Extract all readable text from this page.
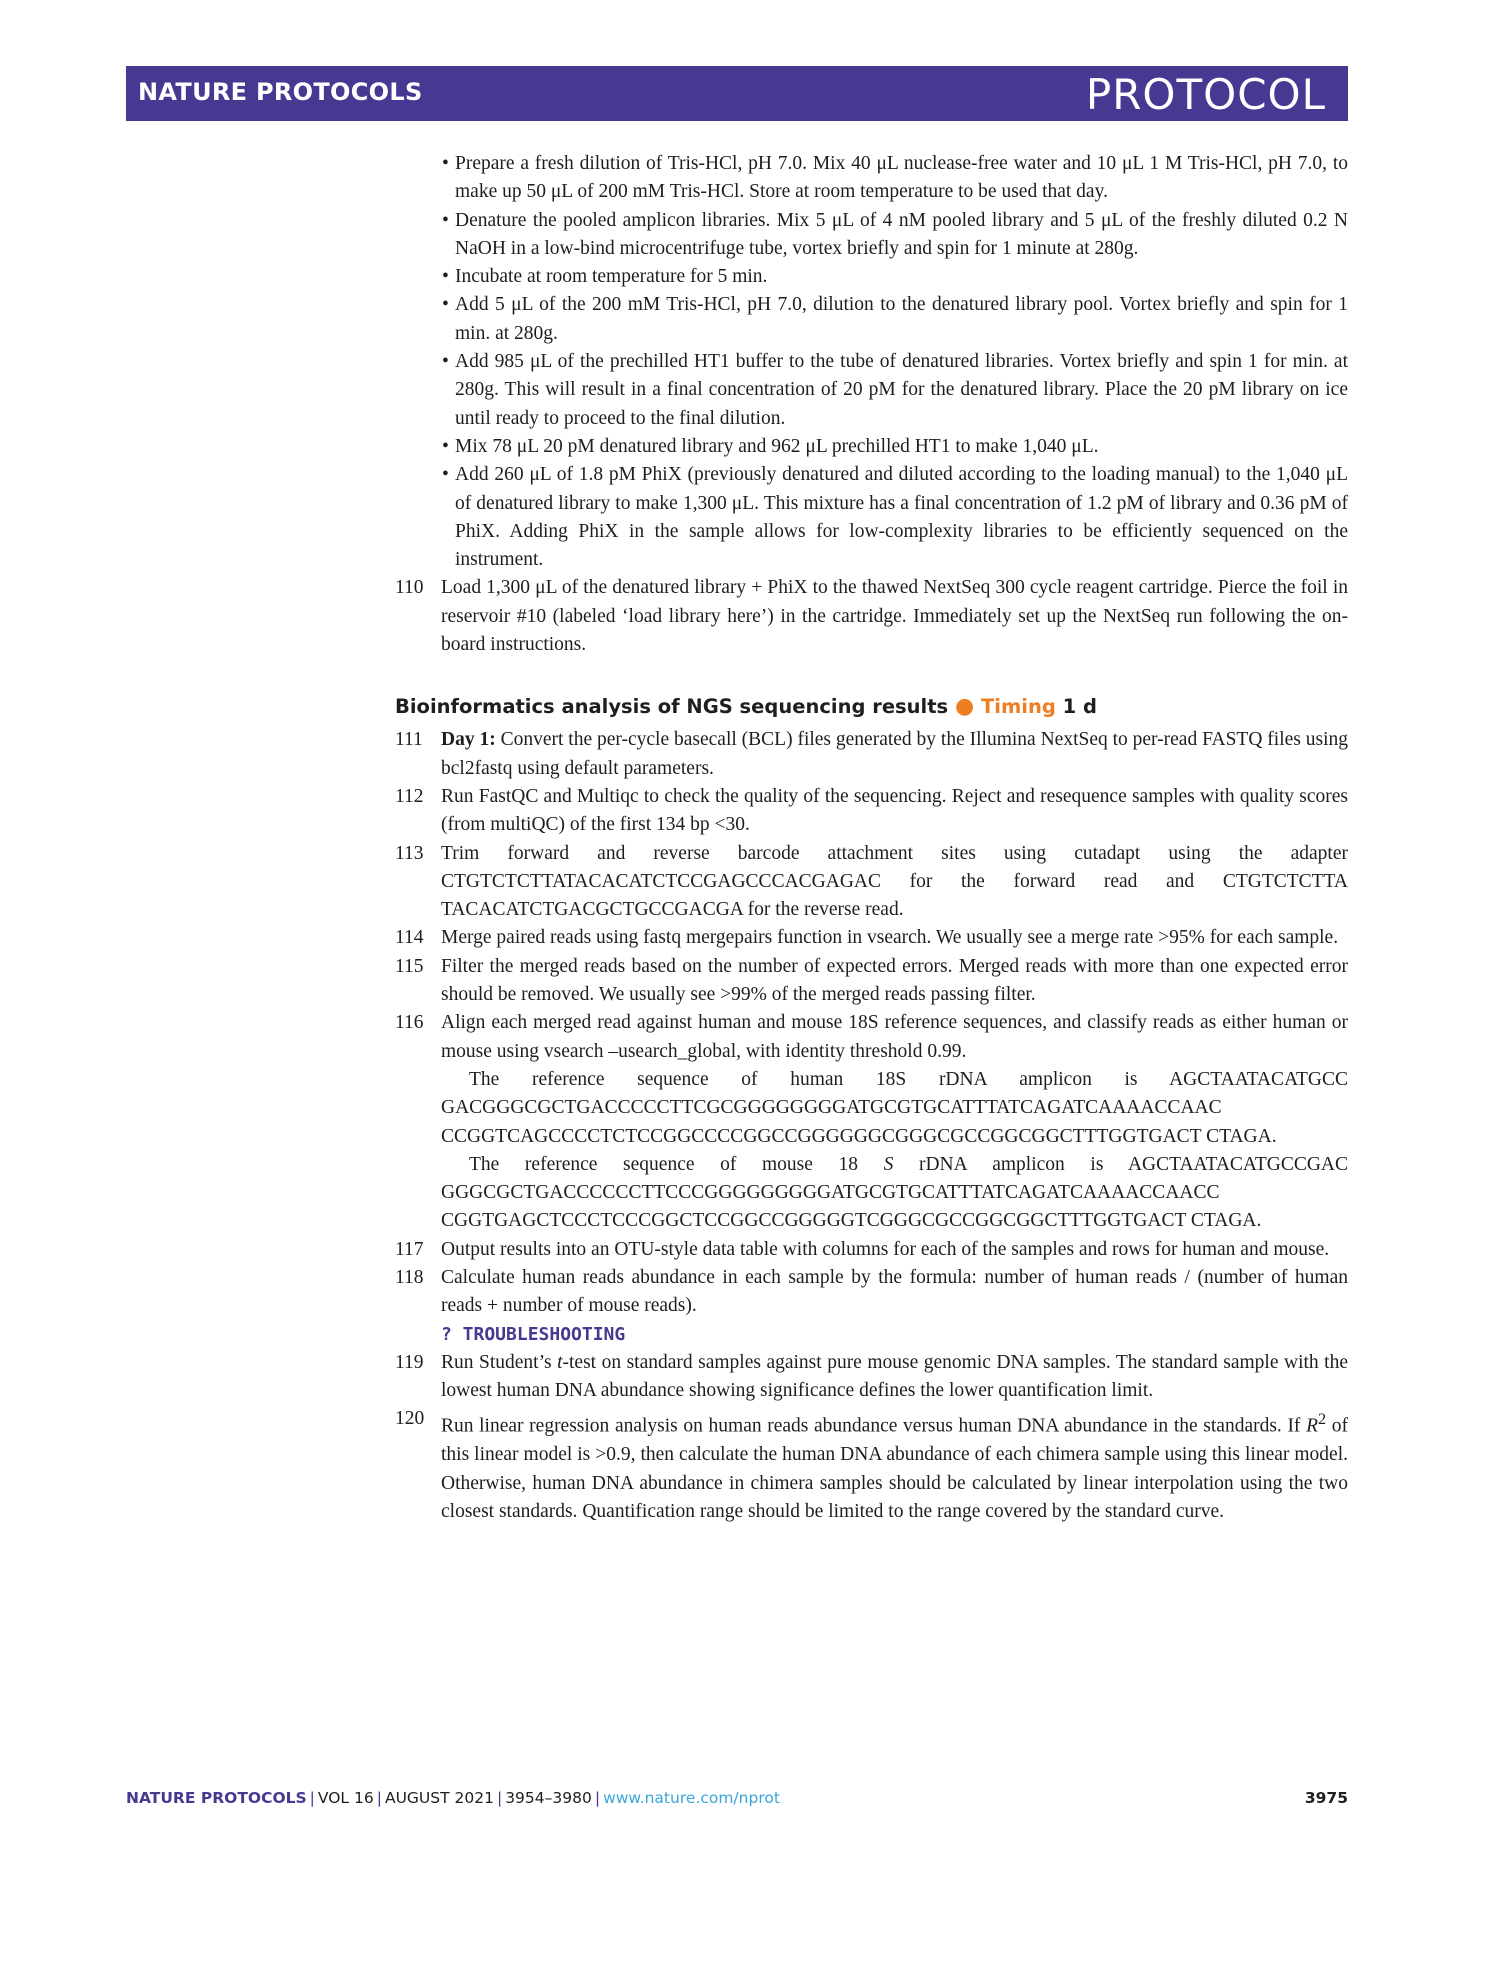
NATURE PROTOCOLS	PROTOCOL
• Prepare a fresh dilution of Tris-HCl, pH 7.0. Mix 40 μL nuclease-free water and 10 μL 1 M Tris-HCl, pH 7.0, to make up 50 μL of 200 mM Tris-HCl. Store at room temperature to be used that day.
• Denature the pooled amplicon libraries. Mix 5 μL of 4 nM pooled library and 5 μL of the freshly diluted 0.2 N NaOH in a low-bind microcentrifuge tube, vortex briefly and spin for 1 minute at 280g.
• Incubate at room temperature for 5 min.
• Add 5 μL of the 200 mM Tris-HCl, pH 7.0, dilution to the denatured library pool. Vortex briefly and spin for 1 min. at 280g.
• Add 985 μL of the prechilled HT1 buffer to the tube of denatured libraries. Vortex briefly and spin 1 for min. at 280g. This will result in a final concentration of 20 pM for the denatured library. Place the 20 pM library on ice until ready to proceed to the final dilution.
• Mix 78 μL 20 pM denatured library and 962 μL prechilled HT1 to make 1,040 μL.
• Add 260 μL of 1.8 pM PhiX (previously denatured and diluted according to the loading manual) to the 1,040 μL of denatured library to make 1,300 μL. This mixture has a final concentration of 1.2 pM of library and 0.36 pM of PhiX. Adding PhiX in the sample allows for low-complexity libraries to be efficiently sequenced on the instrument.
110 Load 1,300 μL of the denatured library + PhiX to the thawed NextSeq 300 cycle reagent cartridge. Pierce the foil in reservoir #10 (labeled ‘load library here’) in the cartridge. Immediately set up the NextSeq run following the on-board instructions.

Bioinformatics analysis of NGS sequencing results ● Timing 1 d
111 Day 1: Convert the per-cycle basecall (BCL) files generated by the Illumina NextSeq to per-read FASTQ files using bcl2fastq using default parameters.

112 Run FastQC and Multiqc to check the quality of the sequencing. Reject and resequence samples with quality scores (from multiQC) of the first 134 bp <30.

113 Trim forward and reverse barcode attachment sites using cutadapt using the adapter CTGTCTCTTATACACATCTCCGAGCCCACGAGAC for the forward read and CTGTCTCTTA TACACATCTGACGCTGCCGACGA for the reverse read.

114 Merge paired reads using fastq mergepairs function in vsearch. We usually see a merge rate >95% for each sample.

115 Filter the merged reads based on the number of expected errors. Merged reads with more than one expected error should be removed. We usually see >99% of the merged reads passing filter.

116 Align each merged read against human and mouse 18S reference sequences, and classify reads as either human or mouse using vsearch –usearch_global, with identity threshold 0.99.

The reference sequence of human 18S rDNA amplicon is AGCTAATACATGCC GACGGGCGCTGACCCCCTTCGCGGGGGGGGATGCGTGCATTTATCAGATCAAAACCAAC CCGGTCAGCCCCTCTCCGGCCCCGGCCGGGGGGCGGGCGCCGGCGGCTTTGGTGACT CTAGA.

The reference sequence of mouse 18 S rDNA amplicon is AGCTAATACATGCCGAC GGGCGCTGACCCCCCTTCCCGGGGGGGGGATGCGTGCATTTATCAGATCAAAACCAACC CGGTGAGCTCCCTCCCGGCTCCGGCCGGGGGTCGGGCGCCGGCGGCTTTGGTGACT CTAGA.

117 Output results into an OTU-style data table with columns for each of the samples and rows for human and mouse.

118 Calculate human reads abundance in each sample by the formula: number of human reads / (number of human reads + number of mouse reads).

? TROUBLESHOOTING

119 Run Student’s t-test on standard samples against pure mouse genomic DNA samples. The standard sample with the lowest human DNA abundance showing significance defines the lower quantification limit.

120 Run linear regression analysis on human reads abundance versus human DNA abundance in the standards. If $R^2$ of this linear model is >0.9, then calculate the human DNA abundance of each chimera sample using this linear model. Otherwise, human DNA abundance in chimera samples should be calculated by linear interpolation using the two closest standards. Quantification range should be limited to the range covered by the standard curve.

NATURE PROTOCOLS | VOL 16 | AUGUST 2021 | 3954–3980 | www.nature.com/nprot	3975
